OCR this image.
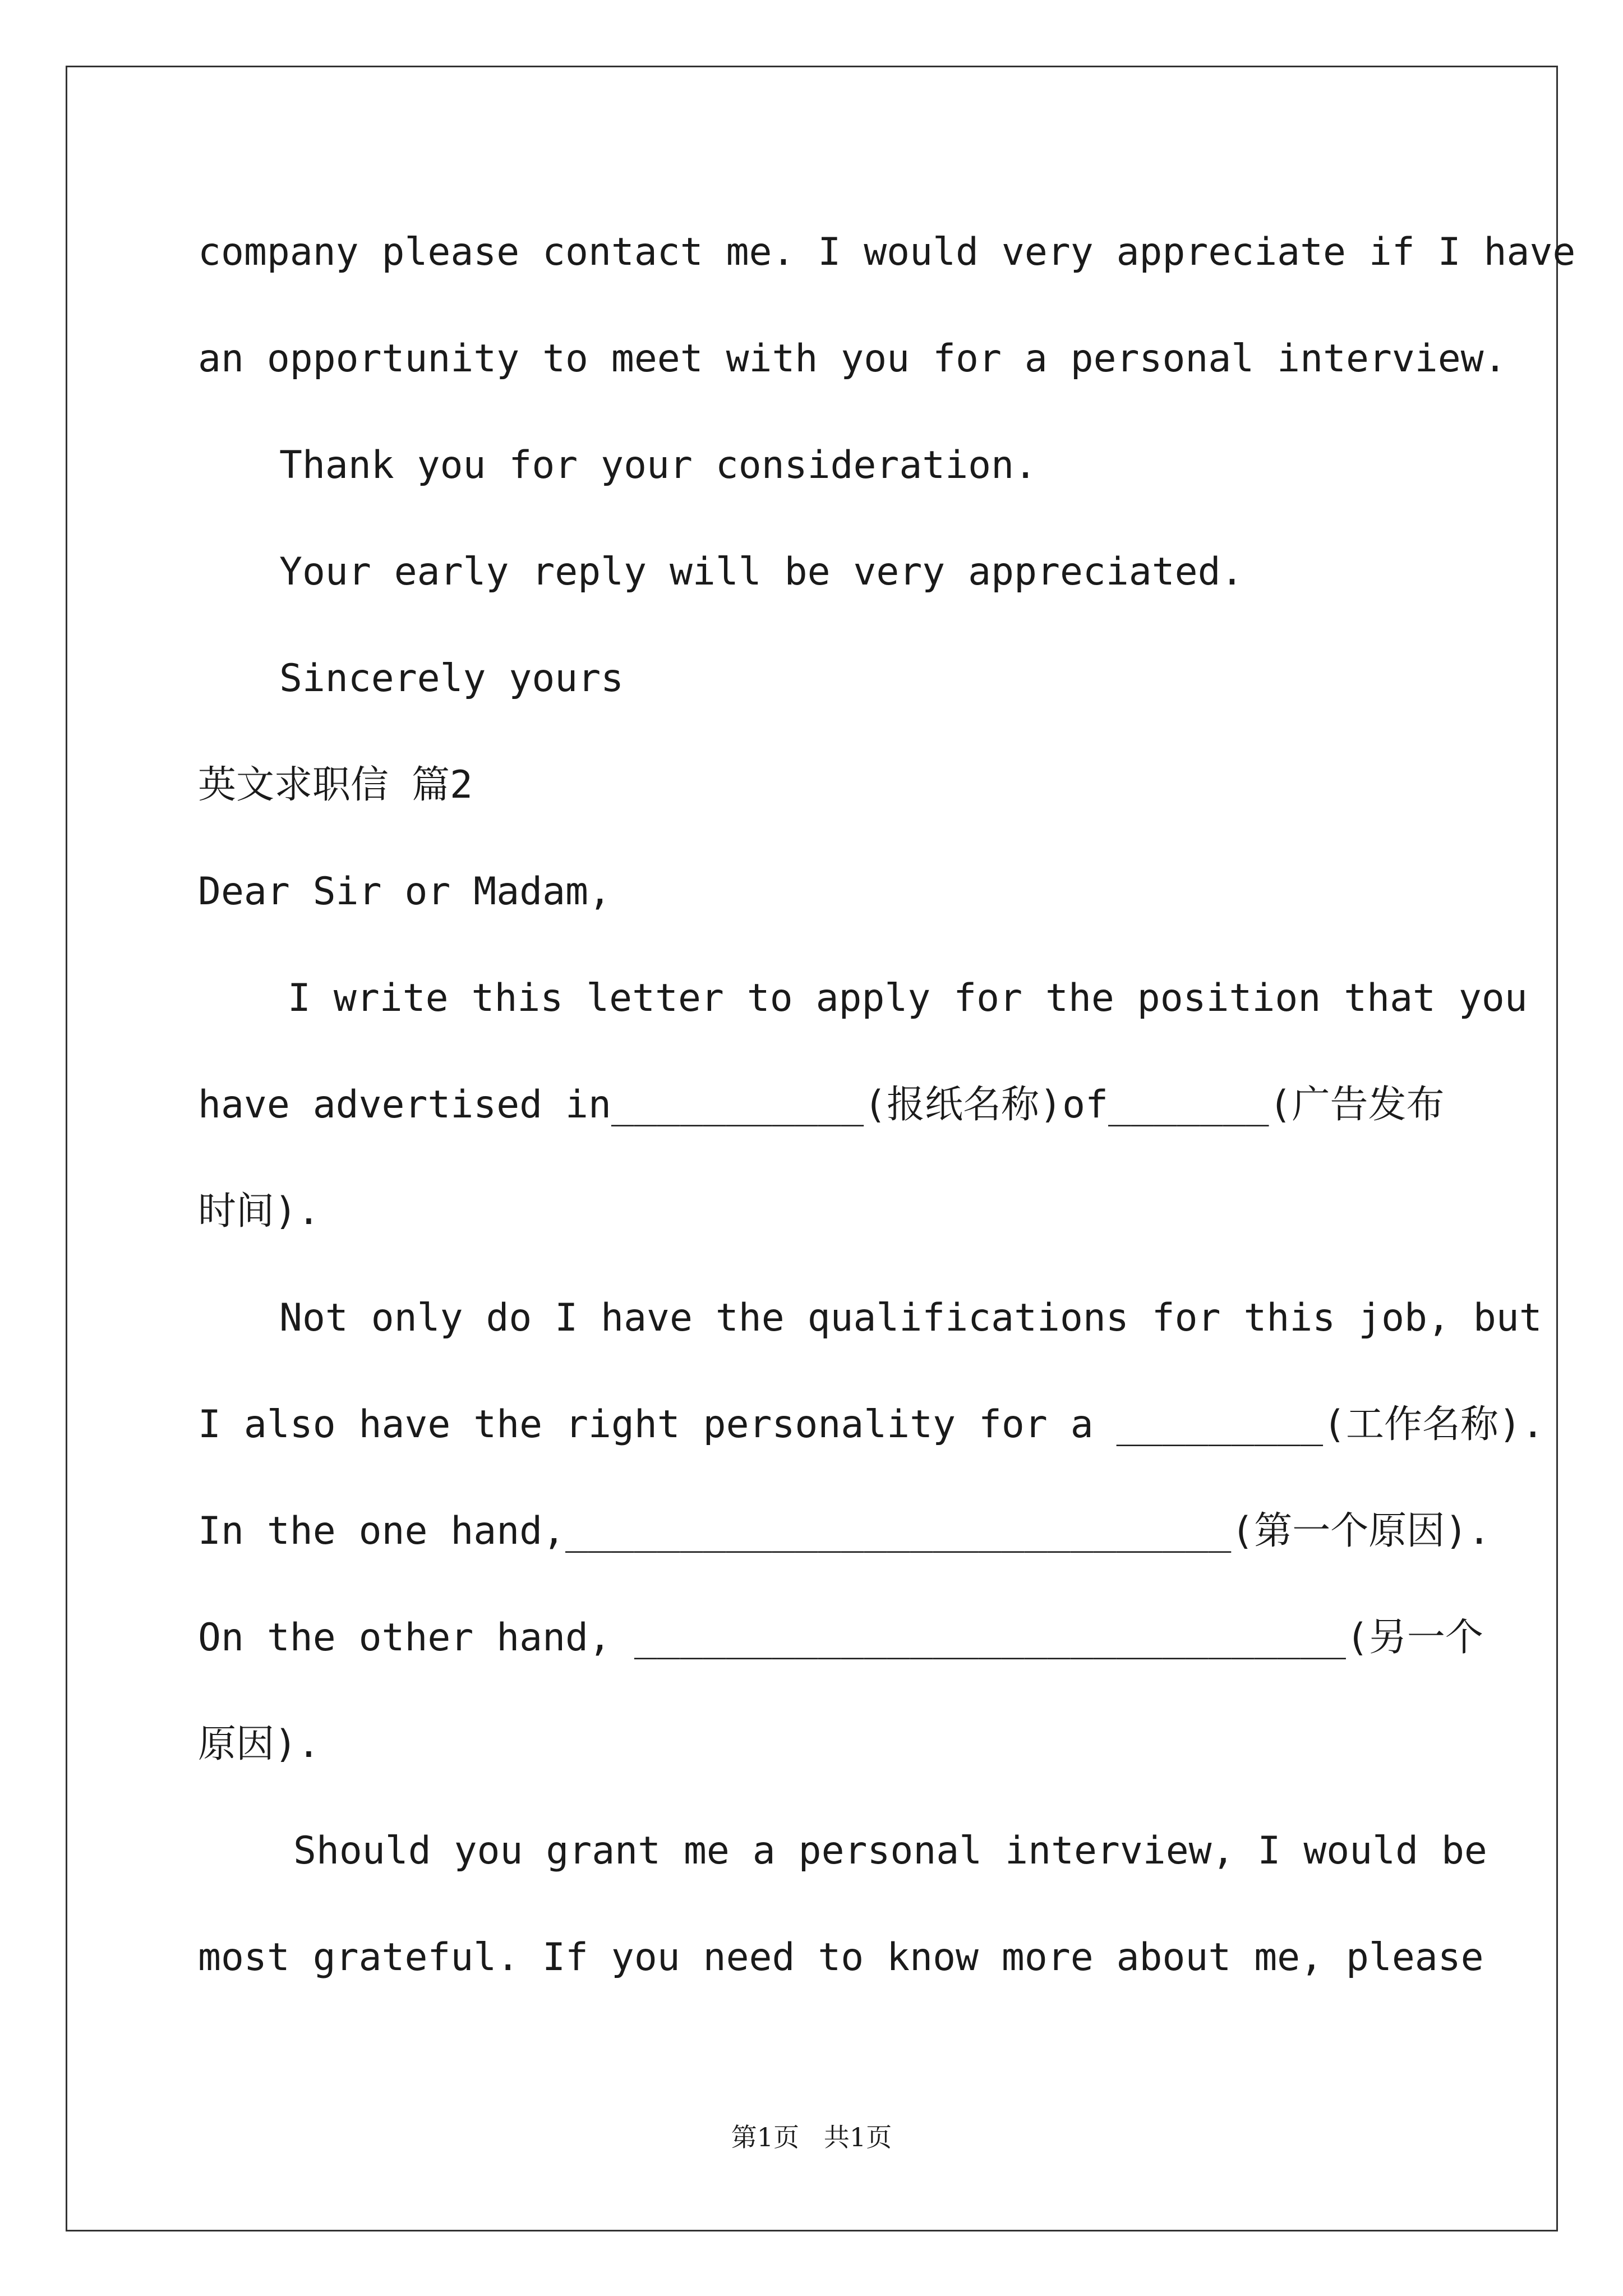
company please contact me. I would very appreciate if I have
an opportunity to meet with you for a personal interview.
Thank you for your consideration.
Your early reply will be very appreciated.
Sincerely yours
英文求职信 篇2
Dear Sir or Madam,
I write this letter to apply for the position that you
have advertised in___________(报纸名称)of_______(广告发布
时间).
Not only do I have the qualifications for this job, but
I also have the right personality for a _________(工作名称).
In the one hand,_____________________________(第一个原因).
On the other hand, _______________________________(另一个
原因).
Should you grant me a personal interview, I would be
most grateful. If you need to know more about me, please
第1页   共1页
